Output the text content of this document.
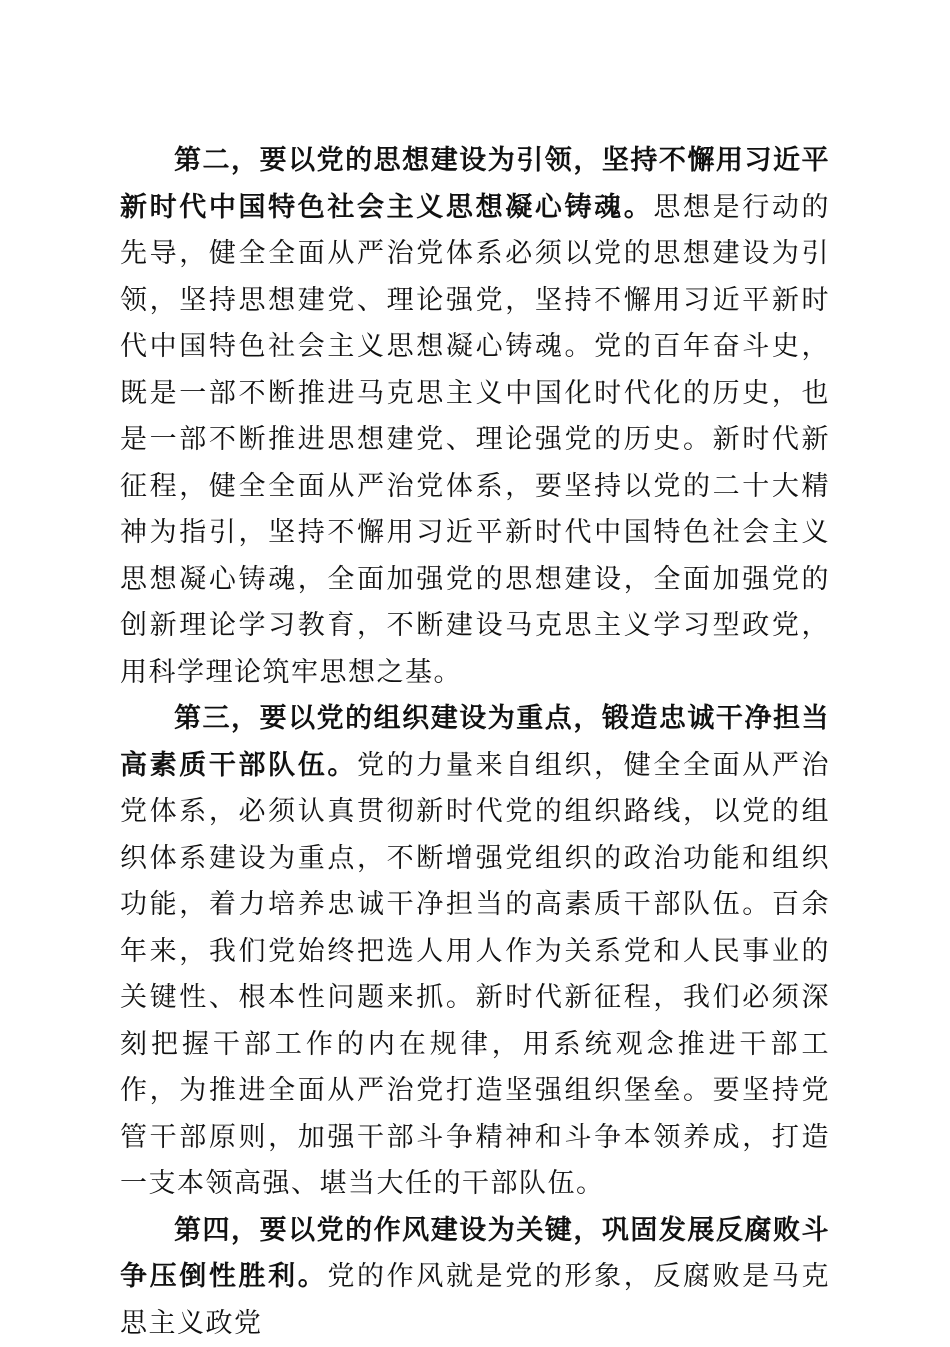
第二，要以党的思想建设为引领，坚持不懈用习近平新时代中国特色社会主义思想凝心铸魂。思想是行动的先导，健全全面从严治党体系必须以党的思想建设为引领，坚持思想建党、理论强党，坚持不懈用习近平新时代中国特色社会主义思想凝心铸魂。党的百年奋斗史，既是一部不断推进马克思主义中国化时代化的历史，也是一部不断推进思想建党、理论强党的历史。新时代新征程，健全全面从严治党体系，要坚持以党的二十大精神为指引，坚持不懈用习近平新时代中国特色社会主义思想凝心铸魂，全面加强党的思想建设，全面加强党的创新理论学习教育，不断建设马克思主义学习型政党，用科学理论筑牢思想之基。

第三，要以党的组织建设为重点，锻造忠诚干净担当高素质干部队伍。党的力量来自组织，健全全面从严治党体系，必须认真贯彻新时代党的组织路线，以党的组织体系建设为重点，不断增强党组织的政治功能和组织功能，着力培养忠诚干净担当的高素质干部队伍。百余年来，我们党始终把选人用人作为关系党和人民事业的关键性、根本性问题来抓。新时代新征程，我们必须深刻把握干部工作的内在规律，用系统观念推进干部工作，为推进全面从严治党打造坚强组织堡垒。要坚持党管干部原则，加强干部斗争精神和斗争本领养成，打造一支本领高强、堪当大任的干部队伍。

第四，要以党的作风建设为关键，巩固发展反腐败斗争压倒性胜利。党的作风就是党的形象，反腐败是马克思主义政党
